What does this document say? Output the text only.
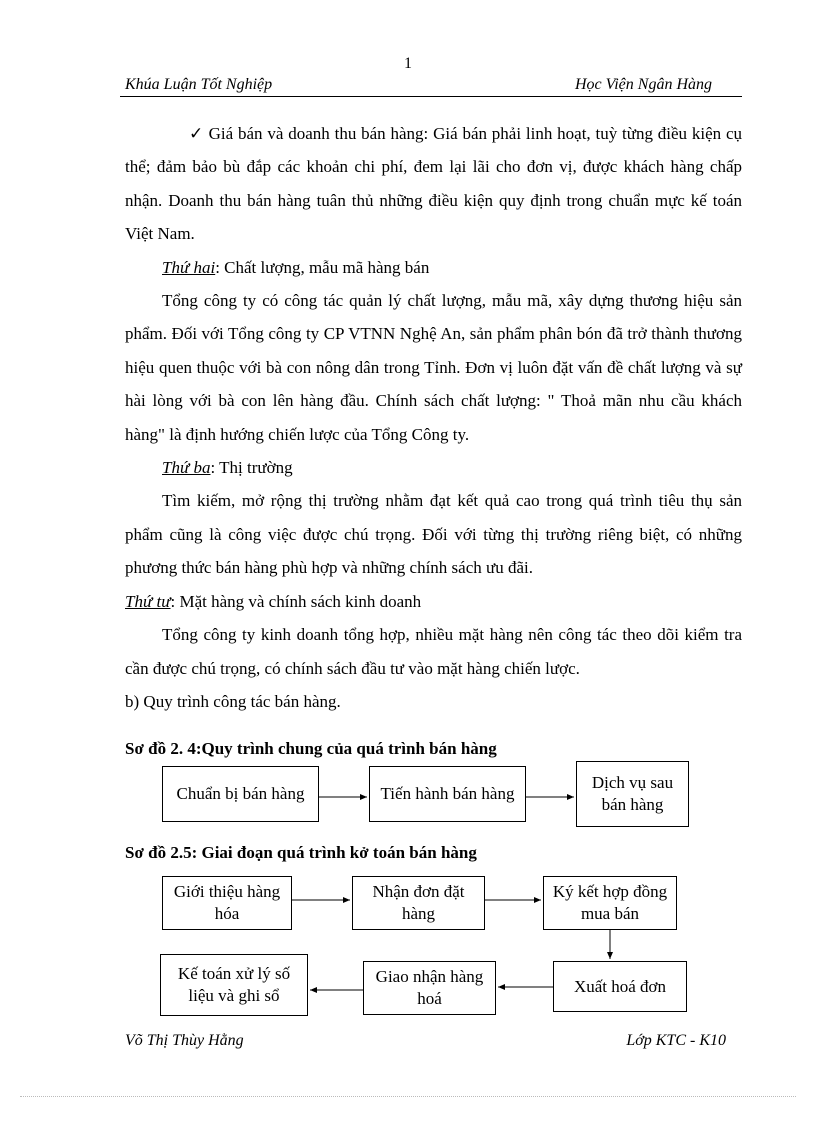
1
Khúa Luận Tốt Nghiệp	Học Viện Ngân Hàng

✓ Giá bán và doanh thu bán hàng: Giá bán phải linh hoạt, tuỳ từng điều kiện cụ thể; đảm bảo bù đắp các khoản chi phí, đem lại lãi cho đơn vị, được khách hàng chấp nhận. Doanh thu bán hàng tuân thủ những điều kiện quy định trong chuẩn mực kế toán Việt Nam.

Thứ hai: Chất lượng, mẫu mã hàng bán

Tổng công ty có công tác quản lý chất lượng, mẫu mã, xây dựng thương hiệu sản phẩm. Đối với Tổng công ty CP VTNN Nghệ An, sản phẩm phân bón đã trở thành thương hiệu quen thuộc với bà con nông dân trong Tỉnh. Đơn vị luôn đặt vấn đề chất lượng và sự hài lòng với bà con lên hàng đầu. Chính sách chất lượng: " Thoả mãn nhu cầu khách hàng" là định hướng chiến lược của Tổng Công ty.

Thứ ba: Thị trường

Tìm kiếm, mở rộng thị trường nhằm đạt kết quả cao trong quá trình tiêu thụ sản phẩm cũng là công việc được chú trọng. Đối với từng thị trường riêng biệt, có những phương thức bán hàng phù hợp và những chính sách ưu đãi.

Thứ tư: Mặt hàng và chính sách kinh doanh

Tổng công ty kinh doanh tổng hợp, nhiều mặt hàng nên công tác theo dõi kiểm tra cần được chú trọng, có chính sách đầu tư vào mặt hàng chiến lược.

b) Quy trình công tác bán hàng.

Sơ đồ 2. 4:Quy trình chung của quá trình bán hàng
Chuẩn bị bán hàng	Tiến hành bán hàng
Dịch vụ sau bán hàng
Sơ đồ 2.5: Giai đoạn quá trình kở toán bán hàng
Giới thiệu hàng hóa
Nhận đơn đặt hàng
Ký kết hợp đồng mua bán
Xuất hoá đơn
Giao nhận hàng hoá
Kế toán xử lý số liệu và ghi sổ
Võ Thị Thùy Hằng	Lớp KTC - K10
